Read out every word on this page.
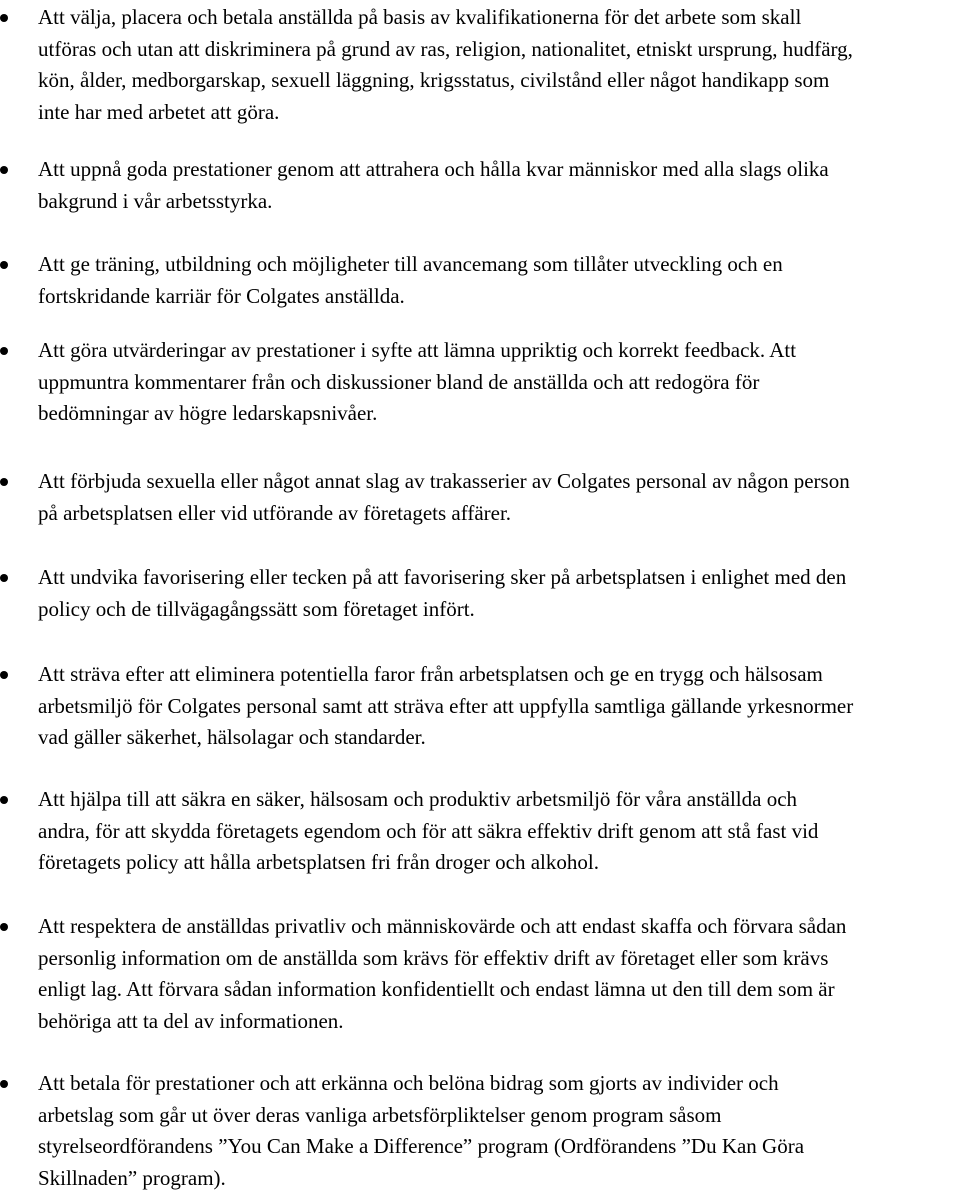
Att välja, placera och betala anställda på basis av kvalifikationerna för det arbete som skall
utföras och utan att diskriminera på grund av ras, religion, nationalitet, etniskt ursprung, hudfärg,
kön, ålder, medborgarskap, sexuell läggning, krigsstatus, civilstånd eller något handikapp som
inte har med arbetet att göra.
Att uppnå goda prestationer genom att attrahera och hålla kvar människor med alla slags olika
bakgrund i vår arbetsstyrka.
Att ge träning, utbildning och möjligheter till avancemang som tillåter utveckling och en
fortskridande karriär för Colgates anställda.
Att göra utvärderingar av prestationer i syfte att lämna uppriktig och korrekt feedback. Att
uppmuntra kommentarer från och diskussioner bland de anställda och att redogöra för
bedömningar av högre ledarskapsnivåer.
Att förbjuda sexuella eller något annat slag av trakasserier av Colgates personal av någon person
på arbetsplatsen eller vid utförande av företagets affärer.
Att undvika favorisering eller tecken på att favorisering sker på arbetsplatsen i enlighet med den
policy och de tillvägagångssätt som företaget infört.
Att sträva efter att eliminera potentiella faror från arbetsplatsen och ge en trygg och hälsosam
arbetsmiljö för Colgates personal samt att sträva efter att uppfylla samtliga gällande yrkesnormer
vad gäller säkerhet, hälsolagar och standarder.
Att hjälpa till att säkra en säker, hälsosam och produktiv arbetsmiljö för våra anställda och
andra, för att skydda företagets egendom och för att säkra effektiv drift genom att stå fast vid
företagets policy att hålla arbetsplatsen fri från droger och alkohol.
Att respektera de anställdas privatliv och människovärde och att endast skaffa och förvara sådan
personlig information om de anställda som krävs för effektiv drift av företaget eller som krävs
enligt lag. Att förvara sådan information konfidentiellt och endast lämna ut den till dem som är
behöriga att ta del av informationen.
Att betala för prestationer och att erkänna och belöna bidrag som gjorts av individer och
arbetslag som går ut över deras vanliga arbetsförpliktelser genom program såsom
styrelseordförandens ”You Can Make a Difference” program (Ordförandens ”Du Kan Göra
Skillnaden” program).
